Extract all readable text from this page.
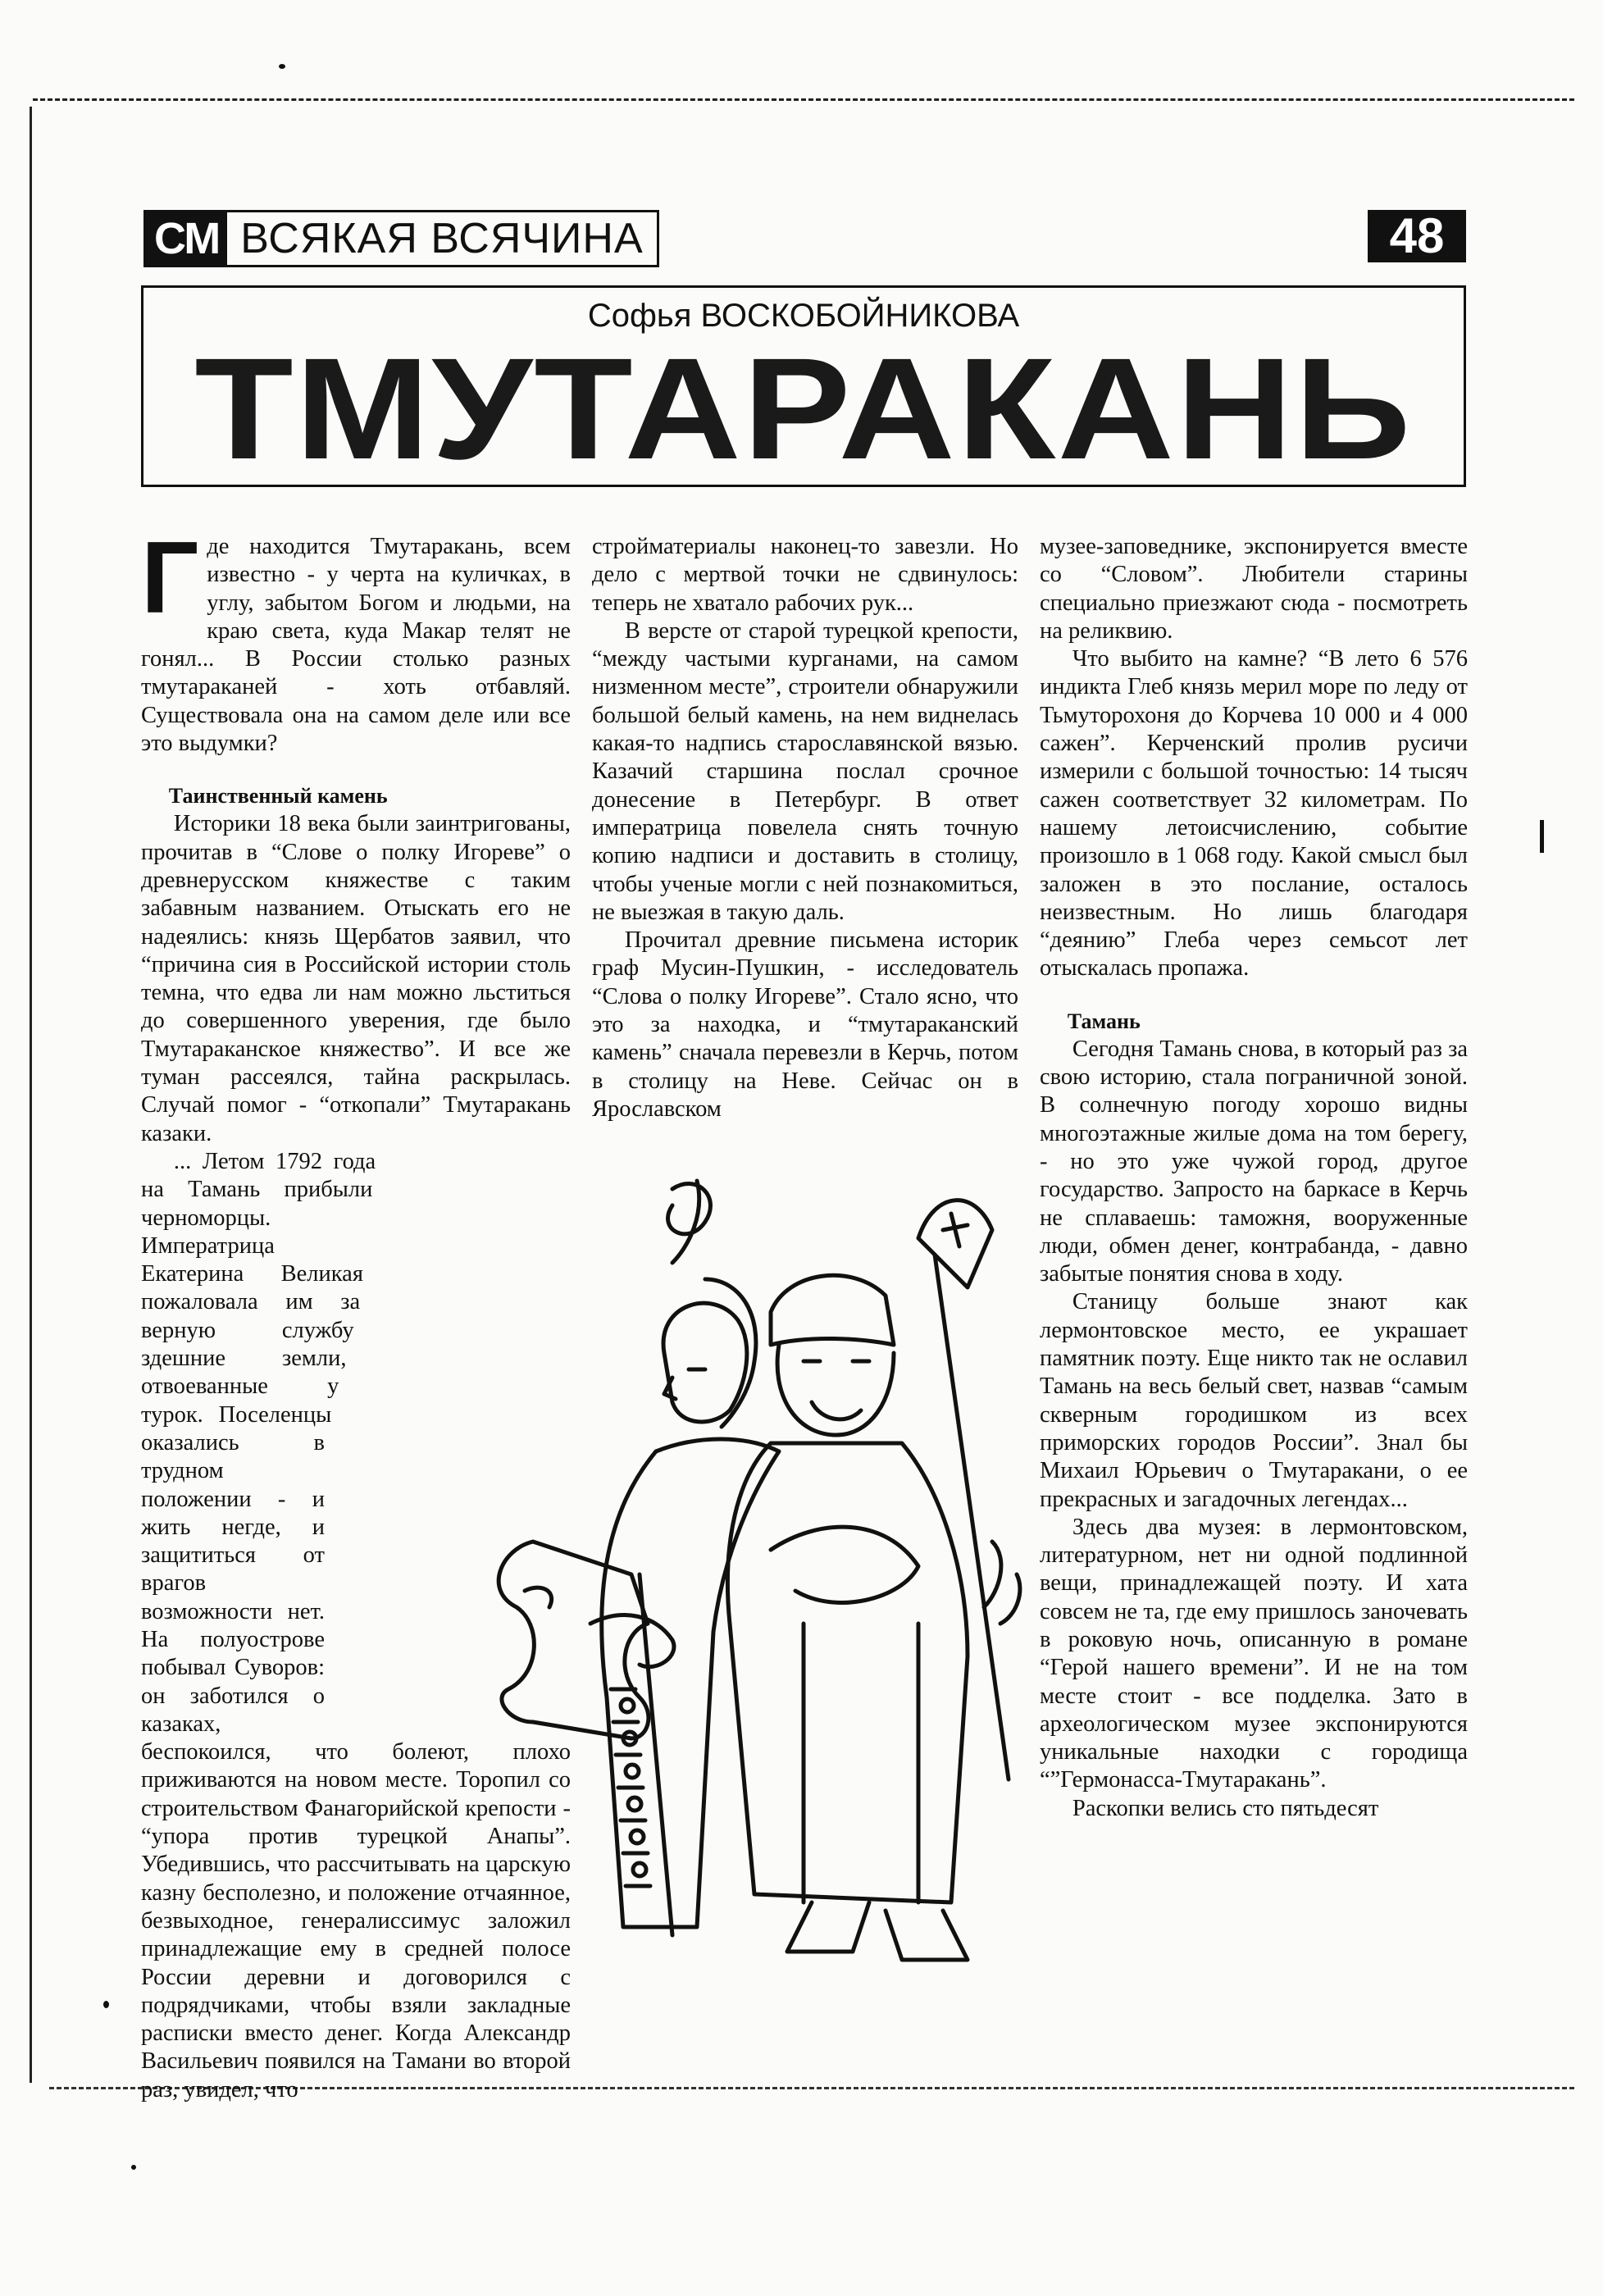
СМ ВСЯКАЯ ВСЯЧИНА	48
Софья ВОСКОБОЙНИКОВА
ТМУТАРАКАНЬ
Г де находится Тмутаракань, всем известно - у черта на куличках, в углу, забытом Богом и людьми, на краю света, куда Макар телят не гонял... В России столько разных тмутараканей - хоть отбавляй. Существовала она на самом деле или все это выдумки?

Таинственный камень

Историки 18 века были заинтригованы, прочитав в “Слове о полку Игореве” о древнерусском княжестве с таким забавным названием. Отыскать его не надеялись: князь Щербатов заявил, что “причина сия в Российской истории столь темна, что едва ли нам можно льститься до совершенного уверения, где было Тмутараканское княжество”. И все же туман рассеялся, тайна раскрылась. Случай помог - “откопали” Тмутаракань казаки.

... Летом 1792 года на Тамань прибыли черноморцы. Императрица Екатерина Великая пожаловала им за верную службу здешние земли, отвоеванные у турок. Поселенцы оказались в трудном положении - и жить негде, и защититься от врагов возможности нет. На полуострове побывал Суворов: он заботился о казаках, беспокоился, что болеют, плохо приживаются на новом месте. Торопил со строительством Фанагорийской крепости - “упора против турецкой Анапы”. Убедившись, что рассчитывать на царскую казну бесполезно, и положение отчаянное, безвыходное, генералиссимус заложил принадлежащие ему в средней полосе России деревни и договорился с подрядчиками, чтобы взяли закладные расписки вместо денег. Когда Александр Васильевич появился на Тамани во второй раз, увидел, что

стройматериалы наконец-то завезли. Но дело с мертвой точки не сдвинулось: теперь не хватало рабочих рук...

В версте от старой турецкой крепости, “между частыми курганами, на самом низменном месте”, строители обнаружили большой белый камень, на нем виднелась какая-то надпись старославянской вязью. Казачий старшина послал срочное донесение в Петербург. В ответ императрица повелела снять точную копию надписи и доставить в столицу, чтобы ученые могли с ней познакомиться, не выезжая в такую даль.

Прочитал древние письмена историк граф Мусин-Пушкин, - исследователь “Слова о полку Игореве”. Стало ясно, что это за находка, и “тмутараканский камень” сначала перевезли в Керчь, потом в столицу на Неве. Сейчас он в Ярославском

музее-заповеднике, экспонируется вместе со “Словом”. Любители старины специально приезжают сюда - посмотреть на реликвию.

Что выбито на камне? “В лето 6 576 индикта Глеб князь мерил море по леду от Тьмуторохоня до Корчева 10 000 и 4 000 сажен”. Керченский пролив русичи измерили с большой точностью: 14 тысяч сажен соответствует 32 километрам. По нашему летоисчислению, событие произошло в 1 068 году. Какой смысл был заложен в это послание, осталось неизвестным. Но лишь благодаря “деянию” Глеба через семьсот лет отыскалась пропажа.

Тамань

Сегодня Тамань снова, в который раз за свою историю, стала пограничной зоной. В солнечную погоду хорошо видны многоэтажные жилые дома на том берегу, - но это уже чужой город, другое государство. Запросто на баркасе в Керчь не сплаваешь: таможня, вооруженные люди, обмен денег, контрабанда, - давно забытые понятия снова в ходу.

Станицу больше знают как лермонтовское место, ее украшает памятник поэту. Еще никто так не ославил Тамань на весь белый свет, назвав “самым скверным городишком из всех приморских городов России”. Знал бы Михаил Юрьевич о Тмутаракани, о ее прекрасных и загадочных легендах...

Здесь два музея: в лермонтовском, литературном, нет ни одной подлинной вещи, принадлежащей поэту. И хата совсем не та, где ему пришлось заночевать в роковую ночь, описанную в романе “Герой нашего времени”. И не на том месте стоит - все подделка. Зато в археологическом музее экспонируются уникальные находки с городища “”Гермонасса-Тмутаракань”.

Раскопки велись сто пятьдесят
